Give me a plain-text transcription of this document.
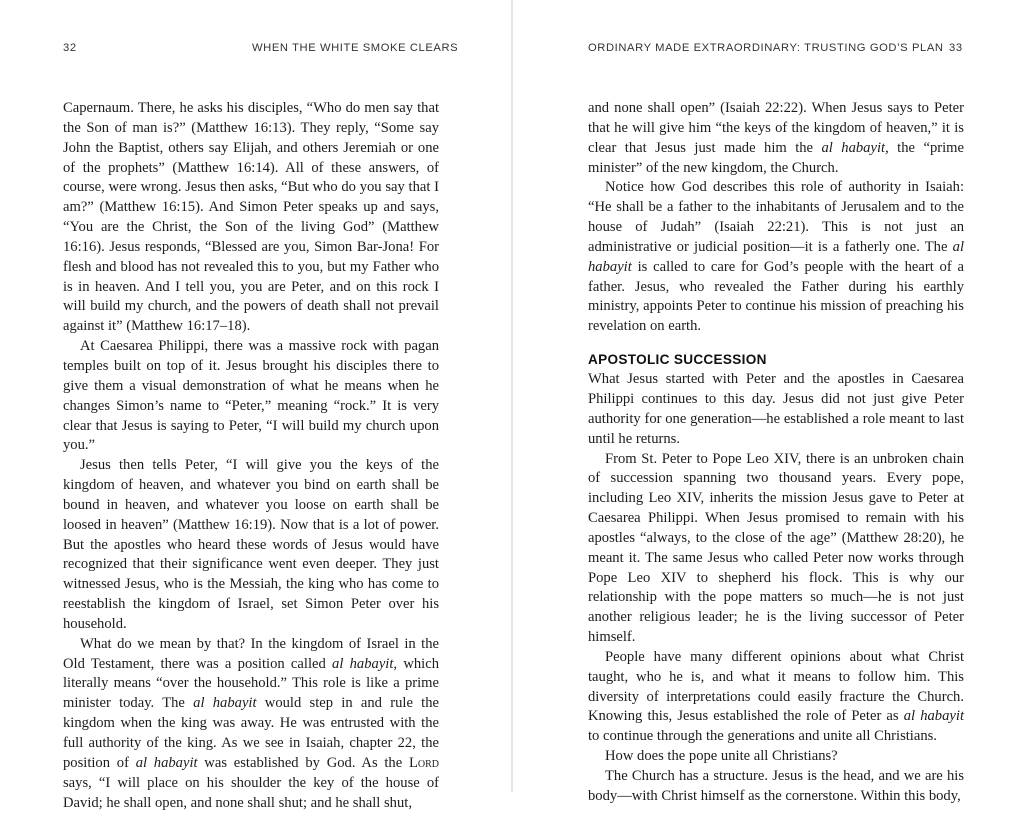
32	WHEN THE WHITE SMOKE CLEARS

Capernaum. There, he asks his disciples, “Who do men say that the Son of man is?” (Matthew 16:13). They reply, “Some say John the Baptist, others say Elijah, and others Jeremiah or one of the prophets” (Matthew 16:14). All of these answers, of course, were wrong. Jesus then asks, “But who do you say that I am?” (Matthew 16:15). And Simon Peter speaks up and says, “You are the Christ, the Son of the living God” (Matthew 16:16). Jesus responds, “Blessed are you, Simon Bar-Jona! For flesh and blood has not revealed this to you, but my Father who is in heaven. And I tell you, you are Peter, and on this rock I will build my church, and the powers of death shall not prevail against it” (Matthew 16:17–18).

At Caesarea Philippi, there was a massive rock with pagan temples built on top of it. Jesus brought his disciples there to give them a visual demonstration of what he means when he changes Simon’s name to “Peter,” meaning “rock.” It is very clear that Jesus is saying to Peter, “I will build my church upon you.”

Jesus then tells Peter, “I will give you the keys of the kingdom of heaven, and whatever you bind on earth shall be bound in heaven, and whatever you loose on earth shall be loosed in heaven” (Matthew 16:19). Now that is a lot of power. But the apostles who heard these words of Jesus would have recognized that their significance went even deeper. They just witnessed Jesus, who is the Messiah, the king who has come to reestablish the kingdom of Israel, set Simon Peter over his household.

What do we mean by that? In the kingdom of Israel in the Old Testament, there was a position called al habayit, which literally means “over the household.” This role is like a prime minister today. The al habayit would step in and rule the kingdom when the king was away. He was entrusted with the full authority of the king. As we see in Isaiah, chapter 22, the position of al habayit was established by God. As the Lord says, “I will place on his shoulder the key of the house of David; he shall open, and none shall shut; and he shall shut,

ORDINARY MADE EXTRAORDINARY: TRUSTING GOD’S PLAN 33

and none shall open” (Isaiah 22:22). When Jesus says to Peter that he will give him “the keys of the kingdom of heaven,” it is clear that Jesus just made him the al habayit, the “prime minister” of the new kingdom, the Church.

Notice how God describes this role of authority in Isaiah: “He shall be a father to the inhabitants of Jerusalem and to the house of Judah” (Isaiah 22:21). This is not just an administrative or judicial position—it is a fatherly one. The al habayit is called to care for God’s people with the heart of a father. Jesus, who revealed the Father during his earthly ministry, appoints Peter to continue his mission of preaching his revelation on earth.

APOSTOLIC SUCCESSION

What Jesus started with Peter and the apostles in Caesarea Philippi continues to this day. Jesus did not just give Peter authority for one generation—he established a role meant to last until he returns.

From St. Peter to Pope Leo XIV, there is an unbroken chain of succession spanning two thousand years. Every pope, including Leo XIV, inherits the mission Jesus gave to Peter at Caesarea Philippi. When Jesus promised to remain with his apostles “always, to the close of the age” (Matthew 28:20), he meant it. The same Jesus who called Peter now works through Pope Leo XIV to shepherd his flock. This is why our relationship with the pope matters so much—he is not just another religious leader; he is the living successor of Peter himself.

People have many different opinions about what Christ taught, who he is, and what it means to follow him. This diversity of interpretations could easily fracture the Church. Knowing this, Jesus established the role of Peter as al habayit to continue through the generations and unite all Christians.

How does the pope unite all Christians?

The Church has a structure. Jesus is the head, and we are his body—with Christ himself as the cornerstone. Within this body,
